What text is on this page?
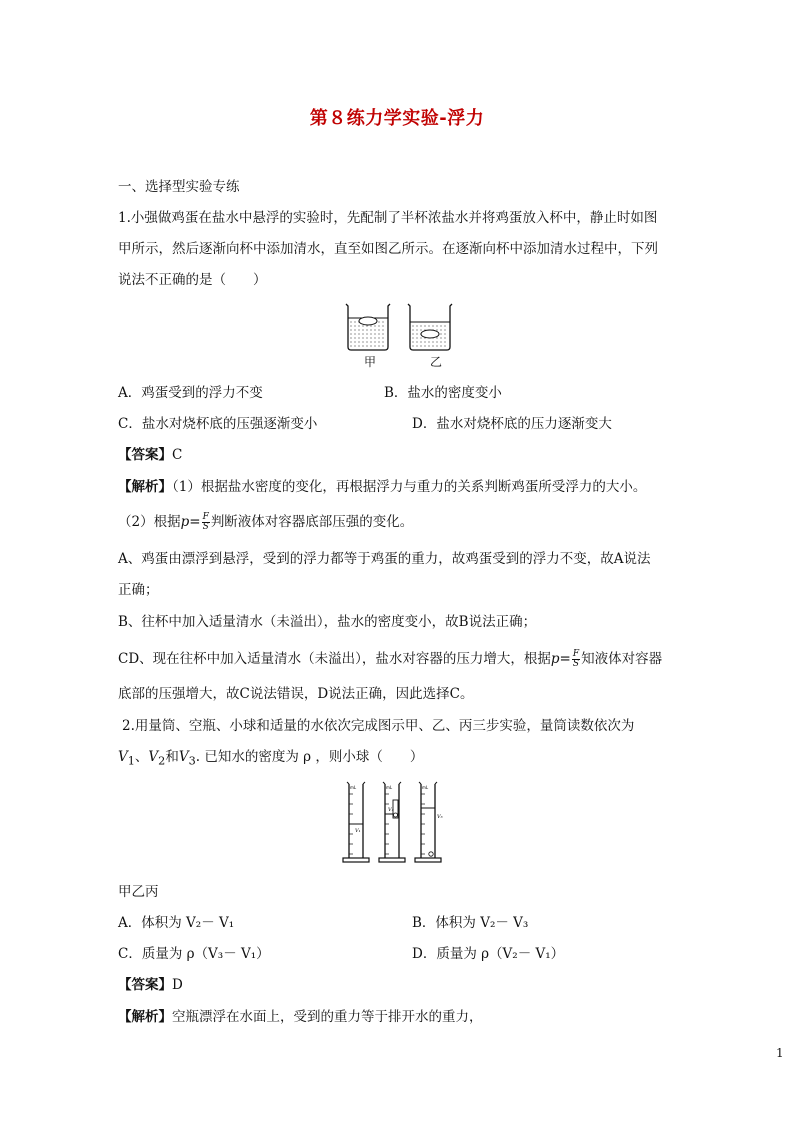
第８练力学实验-浮力
一、选择型实验专练
1.小强做鸡蛋在盐水中悬浮的实验时，先配制了半杯浓盐水并将鸡蛋放入杯中，静止时如图
甲所示，然后逐渐向杯中添加清水，直至如图乙所示。在逐渐向杯中添加清水过程中，下列
说法不正确的是（　　）
甲	乙
A．鸡蛋受到的浮力不变	B．盐水的密度变小
C．盐水对烧杯底的压强逐渐变小	D．盐水对烧杯底的压力逐渐变大
【答案】C
【解析】（1）根据盐水密度的变化，再根据浮力与重力的关系判断鸡蛋所受浮力的大小。
（2）根据$p= \frac{F}{S}$ 判断液体对容器底部压强的变化。
A、鸡蛋由漂浮到悬浮，受到的浮力都等于鸡蛋的重力，故鸡蛋受到的浮力不变，故A说法
正确；
B、往杯中加入适量清水（未溢出），盐水的密度变小，故B说法正确；
CD、现在往杯中加入适量清水（未溢出），盐水对容器的压力增大，根据$p= \frac{F}{S}$ 知液体对容器
底部的压强增大，故C说法错误，D说法正确，因此选择C。
2.用量筒、空瓶、小球和适量的水依次完成图示甲、乙、丙三步实验，量筒读数依次为
$V_1$、$V_2$和$V_3$. 已知水的密度为 ρ ，则小球（　　）
mL
V₁
mL
V₂
mL
V₃
甲乙丙
A．体积为 V₂－ V₁	B．体积为 V₂－ V₃
C．质量为 ρ（V₃－ V₁）	D．质量为 ρ（V₂－ V₁）
【答案】D
【解析】空瓶漂浮在水面上，受到的重力等于排开水的重力，
1
